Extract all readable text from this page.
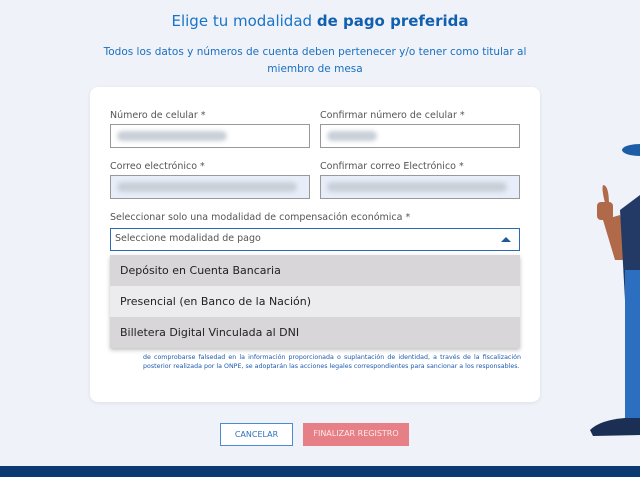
Elige tu modalidad de pago preferida
Todos los datos y números de cuenta deben pertenecer y/o tener como titular al miembro de mesa
Número de celular *	Confirmar número de celular *
Correo electrónico *	Confirmar correo Electrónico *
Seleccionar solo una modalidad de compensación económica *
Seleccione modalidad de pago
Depósito en Cuenta Bancaria
Presencial (en Banco de la Nación)
Billetera Digital Vinculada al DNI
de comprobarse falsedad en la información proporcionada o suplantación de identidad, a través de la fiscalización posterior realizada por la ONPE, se adoptarán las acciones legales correspondientes para sancionar a los responsables.
CANCELAR	FINALIZAR REGISTRO
